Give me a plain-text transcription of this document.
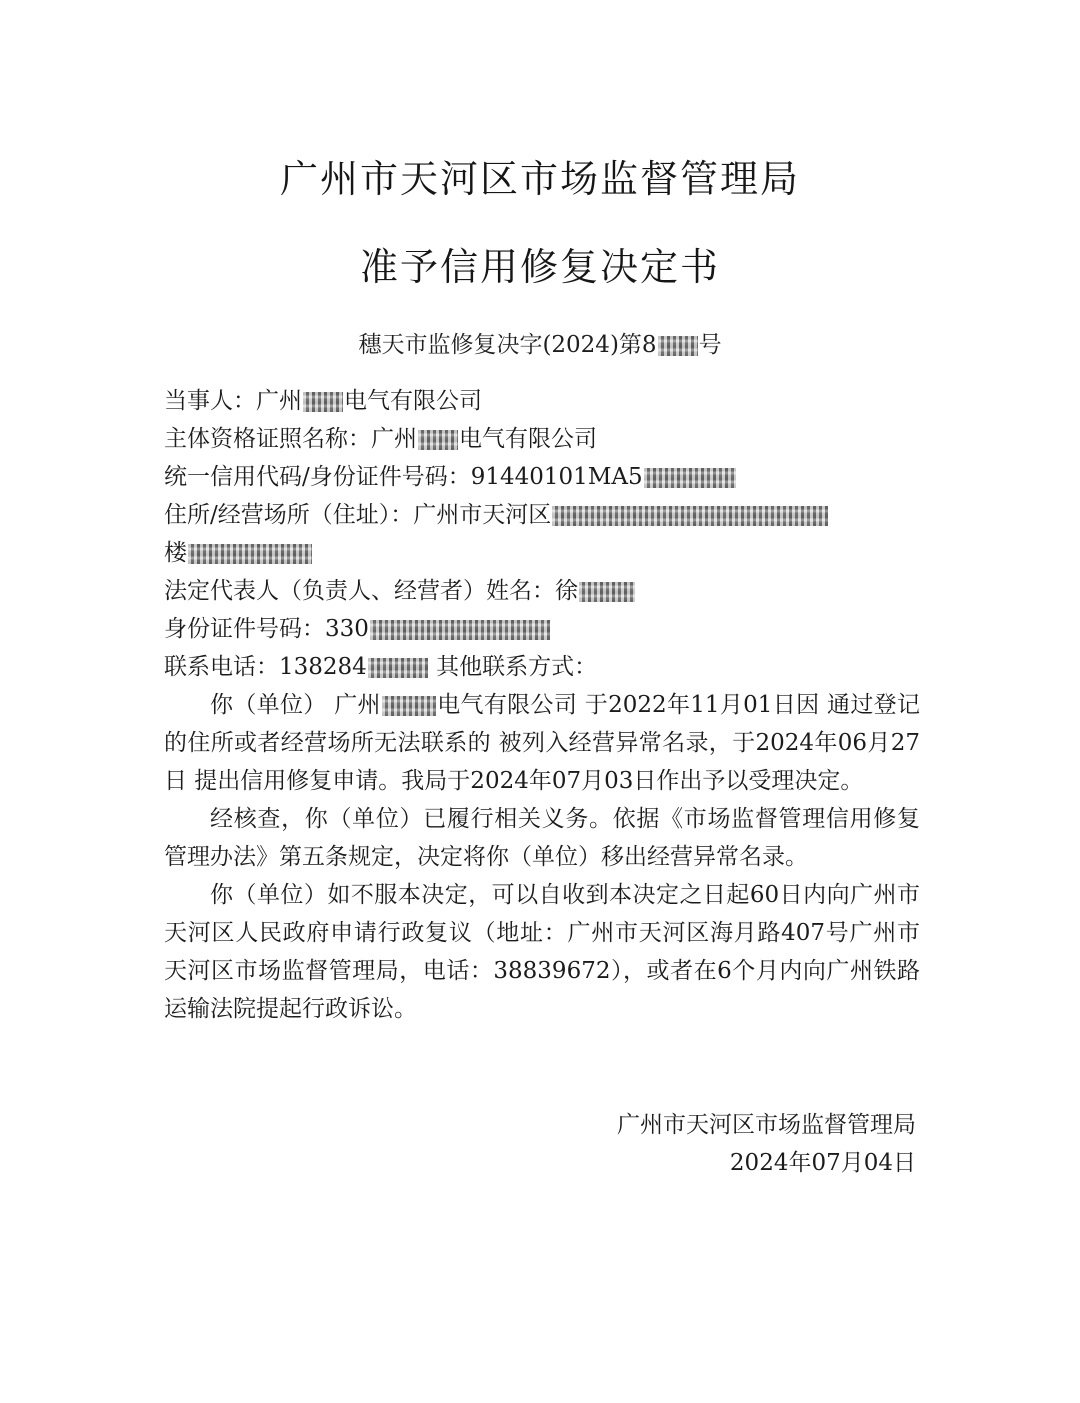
广州市天河区市场监督管理局
准予信用修复决定书
穗天市监修复决字(2024)第8 号
当事人：广州 电气有限公司
主体资格证照名称：广州 电气有限公司
统一信用代码/身份证件号码：91440101MA5
住所/经营场所（住址）：广州市天河区
楼
法定代表人（负责人、经营者）姓名：徐
身份证件号码：330
联系电话：138284	其他联系方式：
你（单位） 广州 电气有限公司 于2022年11月01日因 通过登记的住所或者经营场所无法联系的 被列入经营异常名录，于2024年06月27日 提出信用修复申请。我局于2024年07月03日作出予以受理决定。
经核查，你（单位）已履行相关义务。依据《市场监督管理信用修复管理办法》第五条规定，决定将你（单位）移出经营异常名录。
你（单位）如不服本决定，可以自收到本决定之日起60日内向广州市天河区人民政府申请行政复议（地址：广州市天河区海月路407号广州市天河区市场监督管理局，电话：38839672），或者在6个月内向广州铁路运输法院提起行政诉讼。
广州市天河区市场监督管理局
2024年07月04日
